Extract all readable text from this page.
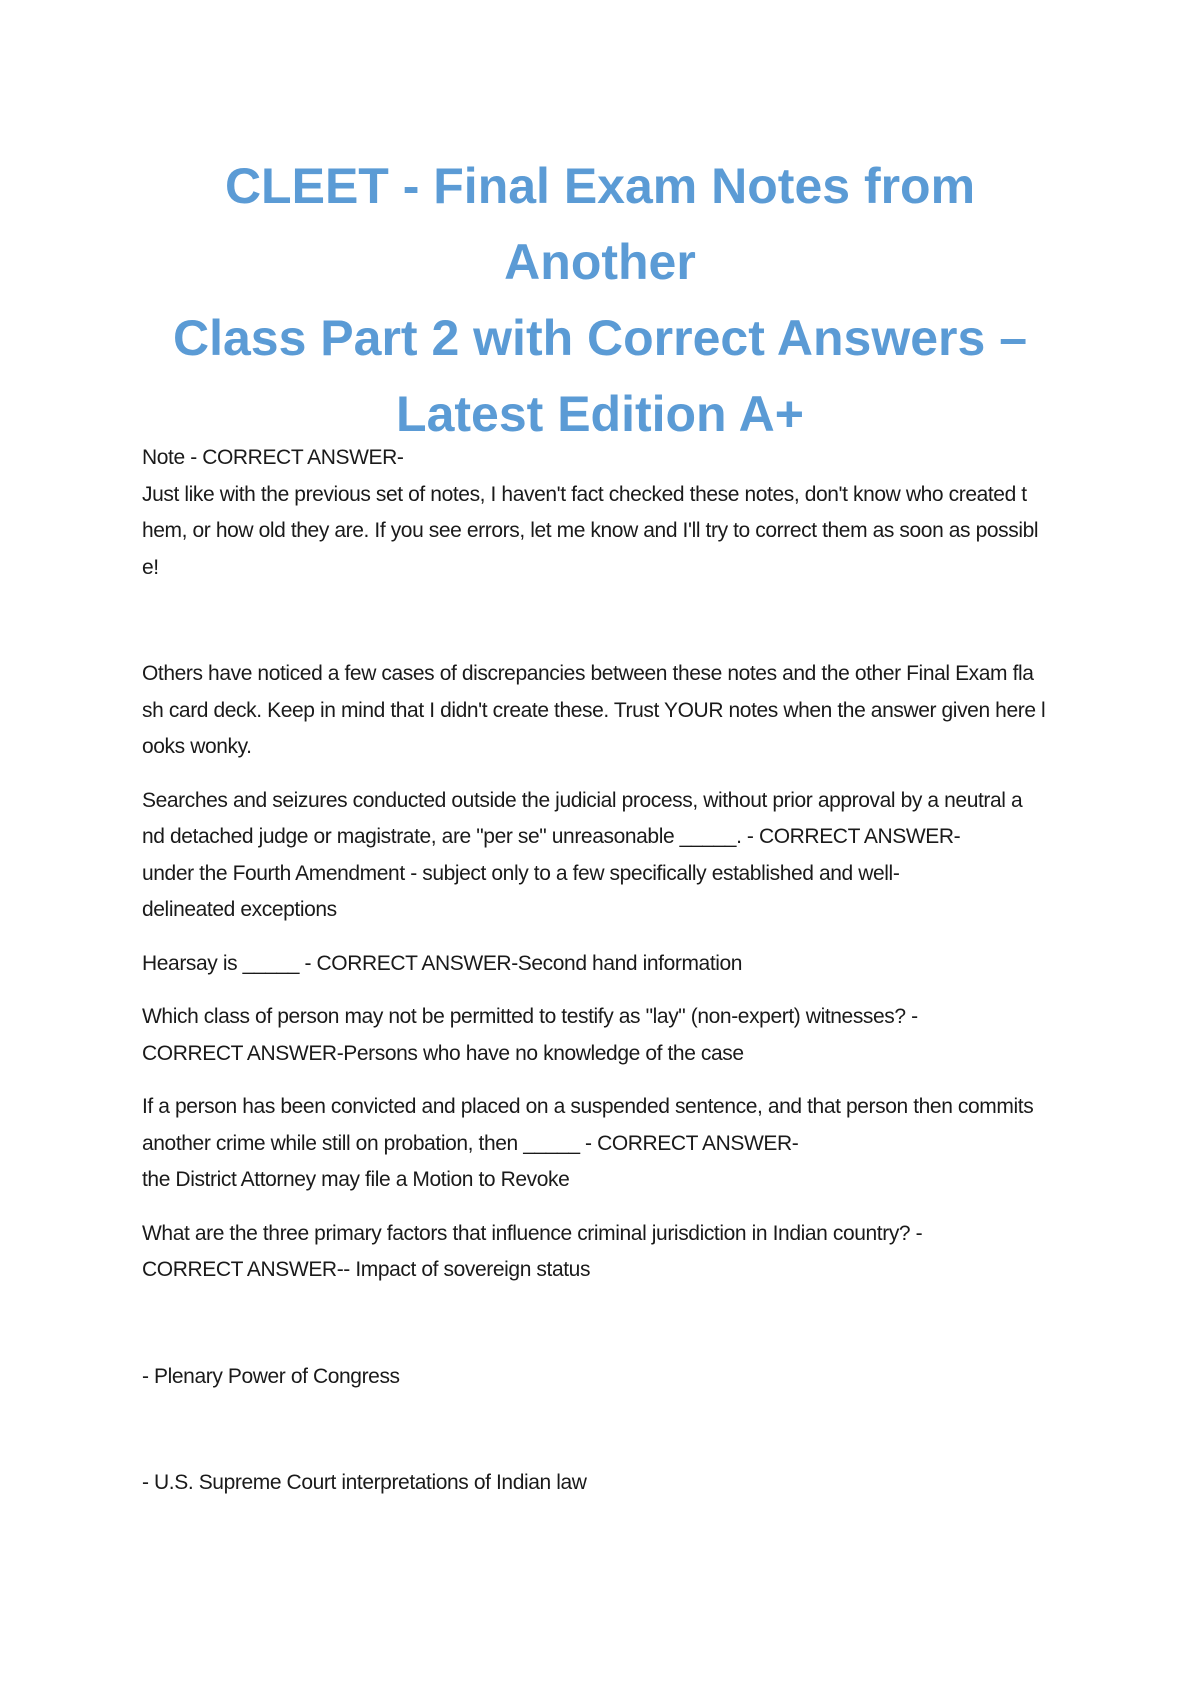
CLEET - Final Exam Notes from Another
Class Part 2 with Correct Answers –
Latest Edition A+

Note - CORRECT ANSWER-

Just like with the previous set of notes, I haven't fact checked these notes, don't know who created t

hem, or how old they are. If you see errors, let me know and I'll try to correct them as soon as possibl

e!

Others have noticed a few cases of discrepancies between these notes and the other Final Exam fla

sh card deck. Keep in mind that I didn't create these. Trust YOUR notes when the answer given here l

ooks wonky.

Searches and seizures conducted outside the judicial process, without prior approval by a neutral a

nd detached judge or magistrate, are "per se" unreasonable _____. - CORRECT ANSWER-

under the Fourth Amendment - subject only to a few specifically established and well-

delineated exceptions

Hearsay is _____ - CORRECT ANSWER-Second hand information

Which class of person may not be permitted to testify as "lay" (non-expert) witnesses? -

CORRECT ANSWER-Persons who have no knowledge of the case

If a person has been convicted and placed on a suspended sentence, and that person then commits

another crime while still on probation, then _____ - CORRECT ANSWER-

the District Attorney may file a Motion to Revoke

What are the three primary factors that influence criminal jurisdiction in Indian country? -

CORRECT ANSWER-- Impact of sovereign status

- Plenary Power of Congress

- U.S. Supreme Court interpretations of Indian law
